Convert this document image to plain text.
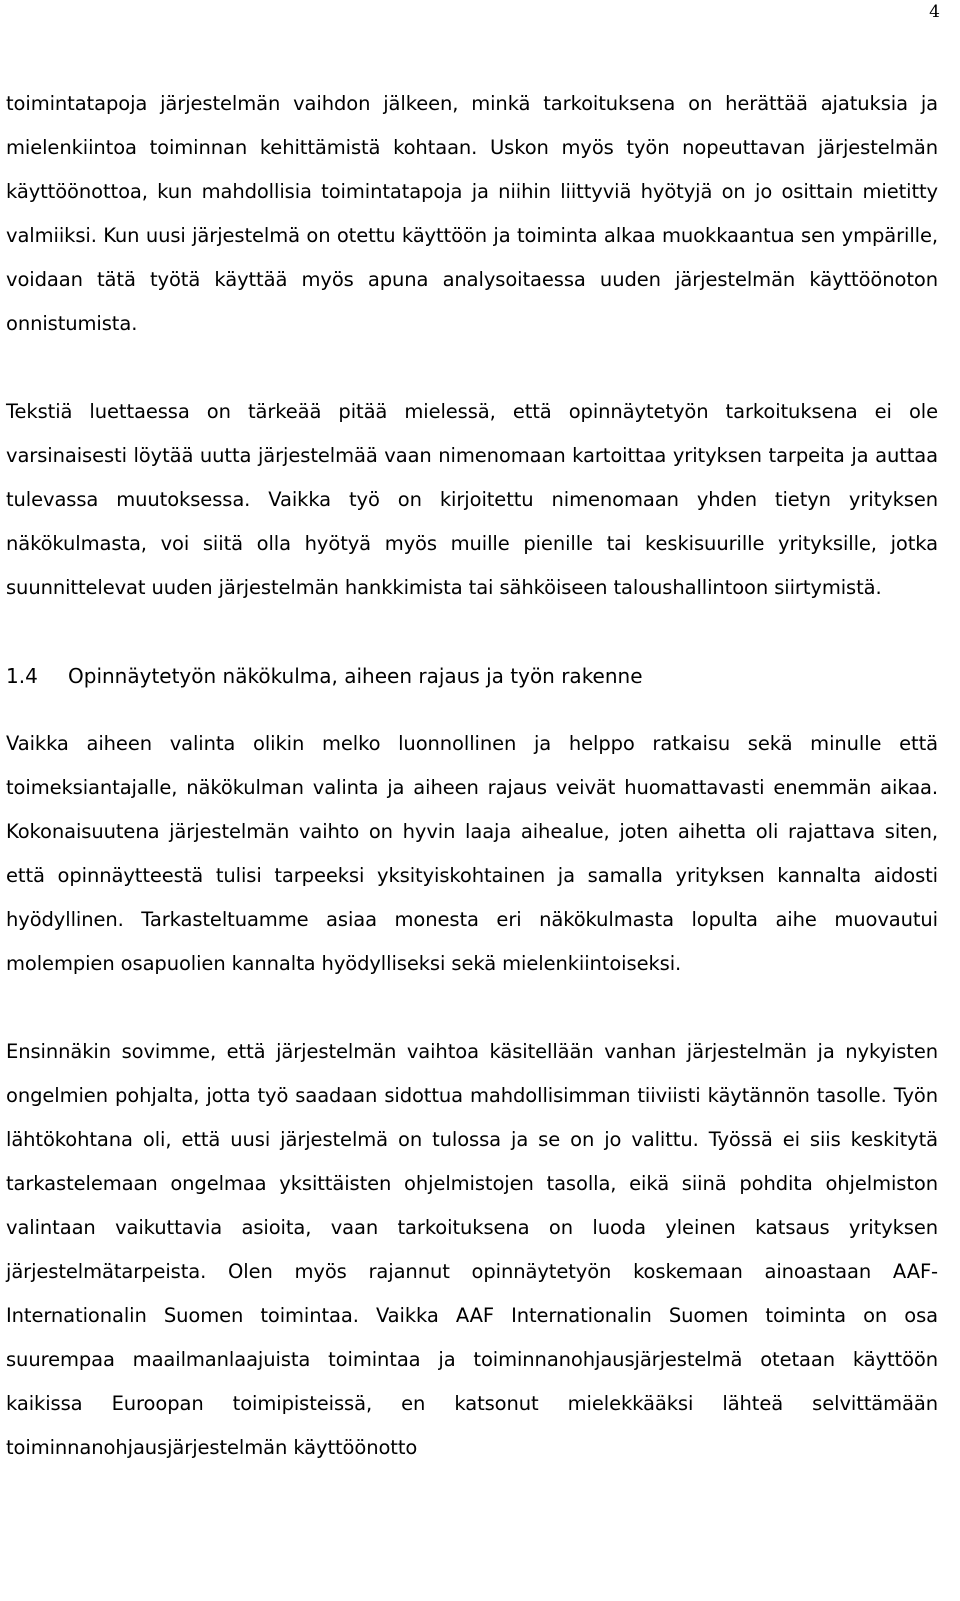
4

toimintatapoja järjestelmän vaihdon jälkeen, minkä tarkoituksena on herättää ajatuksia ja mielenkiintoa toiminnan kehittämistä kohtaan. Uskon myös työn nopeuttavan järjestelmän käyttöönottoa, kun mahdollisia toimintatapoja ja niihin liittyviä hyötyjä on jo osittain mietitty valmiiksi. Kun uusi järjestelmä on otettu käyttöön ja toiminta alkaa muokkaantua sen ympärille, voidaan tätä työtä käyttää myös apuna analysoitaessa uuden järjestelmän käyttöönoton onnistumista.

Tekstiä luettaessa on tärkeää pitää mielessä, että opinnäytetyön tarkoituksena ei ole varsinaisesti löytää uutta järjestelmää vaan nimenomaan kartoittaa yrityksen tarpeita ja auttaa tulevassa muutoksessa. Vaikka työ on kirjoitettu nimenomaan yhden tietyn yrityksen näkökulmasta, voi siitä olla hyötyä myös muille pienille tai keskisuurille yrityksille, jotka suunnittelevat uuden järjestelmän hankkimista tai sähköiseen taloushallintoon siirtymistä.

1.4	Opinnäytetyön näkökulma, aiheen rajaus ja työn rakenne

Vaikka aiheen valinta olikin melko luonnollinen ja helppo ratkaisu sekä minulle että toimeksiantajalle, näkökulman valinta ja aiheen rajaus veivät huomattavasti enemmän aikaa. Kokonaisuutena järjestelmän vaihto on hyvin laaja aihealue, joten aihetta oli rajattava siten, että opinnäytteestä tulisi tarpeeksi yksityiskohtainen ja samalla yrityksen kannalta aidosti hyödyllinen. Tarkasteltuamme asiaa monesta eri näkökulmasta lopulta aihe muovautui molempien osapuolien kannalta hyödylliseksi sekä mielenkiintoiseksi.

Ensinnäkin sovimme, että järjestelmän vaihtoa käsitellään vanhan järjestelmän ja nykyisten ongelmien pohjalta, jotta työ saadaan sidottua mahdollisimman tiiviisti käytännön tasolle. Työn lähtökohtana oli, että uusi järjestelmä on tulossa ja se on jo valittu. Työssä ei siis keskitytä tarkastelemaan ongelmaa yksittäisten ohjelmistojen tasolla, eikä siinä pohdita ohjelmiston valintaan vaikuttavia asioita, vaan tarkoituksena on luoda yleinen katsaus yrityksen järjestelmätarpeista. Olen myös rajannut opinnäytetyön koskemaan ainoastaan AAF-Internationalin Suomen toimintaa. Vaikka AAF Internationalin Suomen toiminta on osa suurempaa maailmanlaajuista toimintaa ja toiminnanohjausjärjestelmä otetaan käyttöön kaikissa Euroopan toimipisteissä, en katsonut mielekkääksi lähteä selvittämään toiminnanohjausjärjestelmän käyttöönotto
